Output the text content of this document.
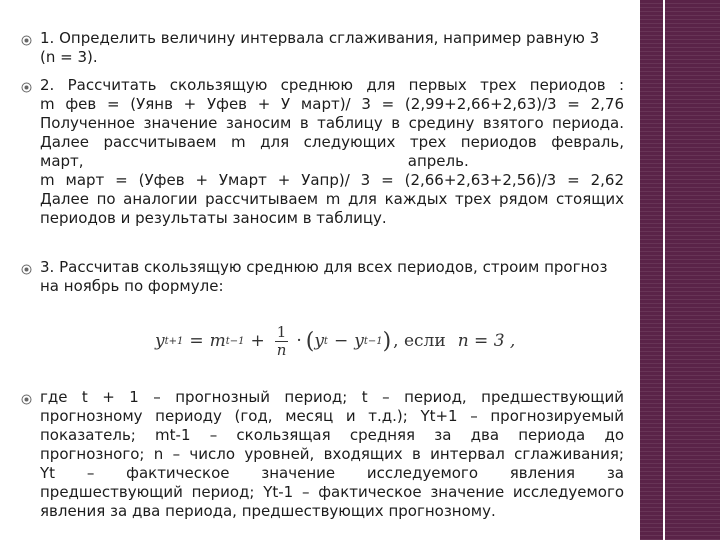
1. Определить величину интервала сглаживания, например равную 3
(n = 3).
2. Рассчитать скользящую среднюю для первых трех периодов :
m фев = (Уянв + Уфев + У март)/ 3 = (2,99+2,66+2,63)/3 = 2,76
Полученное значение заносим в таблицу в средину взятого периода.
Далее рассчитываем m для следующих трех периодов февраль,
март,                                                                    апрель.
m март = (Уфев + Умарт + Уапр)/ 3 = (2,66+2,63+2,56)/3 = 2,62
Далее по аналогии рассчитываем m для каждых трех рядом стоящих
периодов и результаты заносим в таблицу.
3. Рассчитав скользящую среднюю для всех периодов, строим прогноз
на ноябрь по формуле:
y t+1 = m $t-1 + \frac{1}{n}$ · ( y t − y t−1 ) , если n = 3 ,
где t + 1 – прогнозный период; t – период, предшествующий
прогнозному периоду (год, месяц и т.д.); Yt+1 – прогнозируемый
показатель; mt-1 – скользящая средняя за два периода до
прогнозного; n – число уровней, входящих в интервал сглаживания;
Yt – фактическое значение исследуемого явления за
предшествующий период; Yt-1 – фактическое значение исследуемого
явления за два периода, предшествующих прогнозному.
